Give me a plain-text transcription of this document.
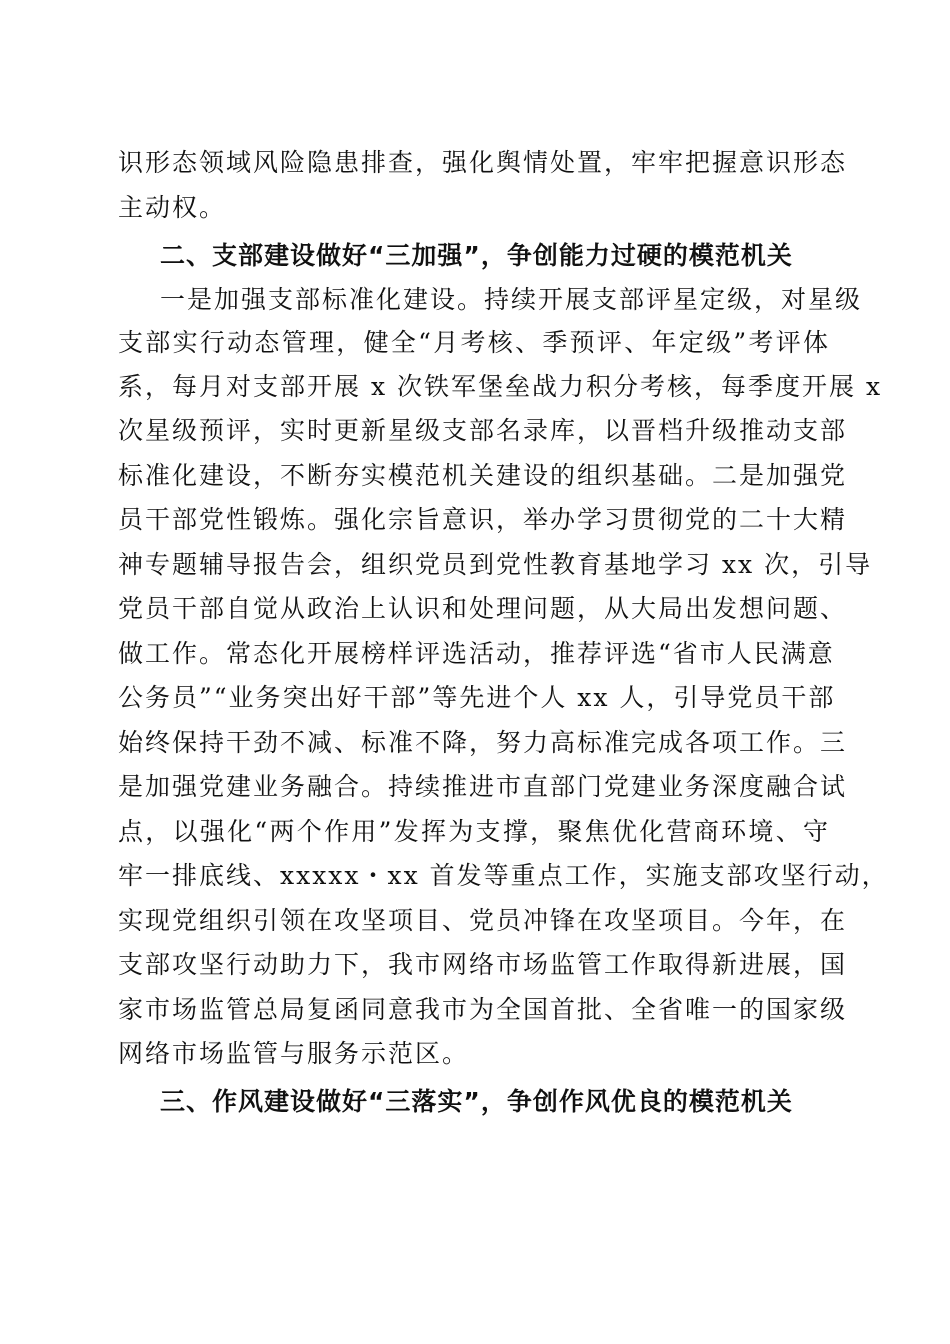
识形态领域风险隐患排查，强化舆情处置，牢牢把握意识形态
主动权。
二、支部建设做好“三加强”，争创能力过硬的模范机关
一是加强支部标准化建设。持续开展支部评星定级，对星级
支部实行动态管理，健全“月考核、季预评、年定级”考评体
系，每月对支部开展 x 次铁军堡垒战力积分考核，每季度开展 x
次星级预评，实时更新星级支部名录库，以晋档升级推动支部
标准化建设，不断夯实模范机关建设的组织基础。二是加强党
员干部党性锻炼。强化宗旨意识，举办学习贯彻党的二十大精
神专题辅导报告会，组织党员到党性教育基地学习 xx 次，引导
党员干部自觉从政治上认识和处理问题，从大局出发想问题、
做工作。常态化开展榜样评选活动，推荐评选“省市人民满意
公务员”“业务突出好干部”等先进个人 xx 人，引导党员干部
始终保持干劲不减、标准不降，努力高标准完成各项工作。三
是加强党建业务融合。持续推进市直部门党建业务深度融合试
点，以强化“两个作用”发挥为支撑，聚焦优化营商环境、守
牢一排底线、xxxxx・xx 首发等重点工作，实施支部攻坚行动，
实现党组织引领在攻坚项目、党员冲锋在攻坚项目。今年，在
支部攻坚行动助力下，我市网络市场监管工作取得新进展，国
家市场监管总局复函同意我市为全国首批、全省唯一的国家级
网络市场监管与服务示范区。
三、作风建设做好“三落实”，争创作风优良的模范机关
